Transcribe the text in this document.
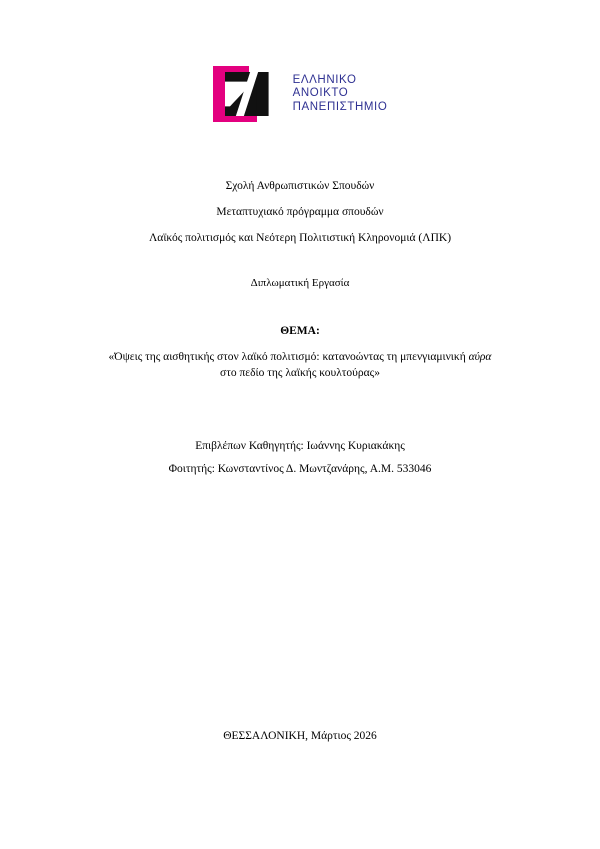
ΕΛΛΗΝΙΚΟ
ΑΝΟΙΚΤΟ
ΠΑΝΕΠΙΣΤΗΜΙΟ
Σχολή Ανθρωπιστικών Σπουδών
Μεταπτυχιακό πρόγραμμα σπουδών
Λαϊκός πολιτισμός και Νεότερη Πολιτιστική Κληρονομιά (ΛΠΚ)
Διπλωματική Εργασία
ΘΕΜΑ:
«Όψεις της αισθητικής στον λαϊκό πολιτισμό: κατανοώντας τη μπενγιαμινική αύρα
στο πεδίο της λαϊκής κουλτούρας»
Επιβλέπων Καθηγητής: Ιωάννης Κυριακάκης
Φοιτητής: Κωνσταντίνος Δ. Μωντζανάρης, Α.Μ. 533046
ΘΕΣΣΑΛΟΝΙΚΗ, Μάρτιος 2026
